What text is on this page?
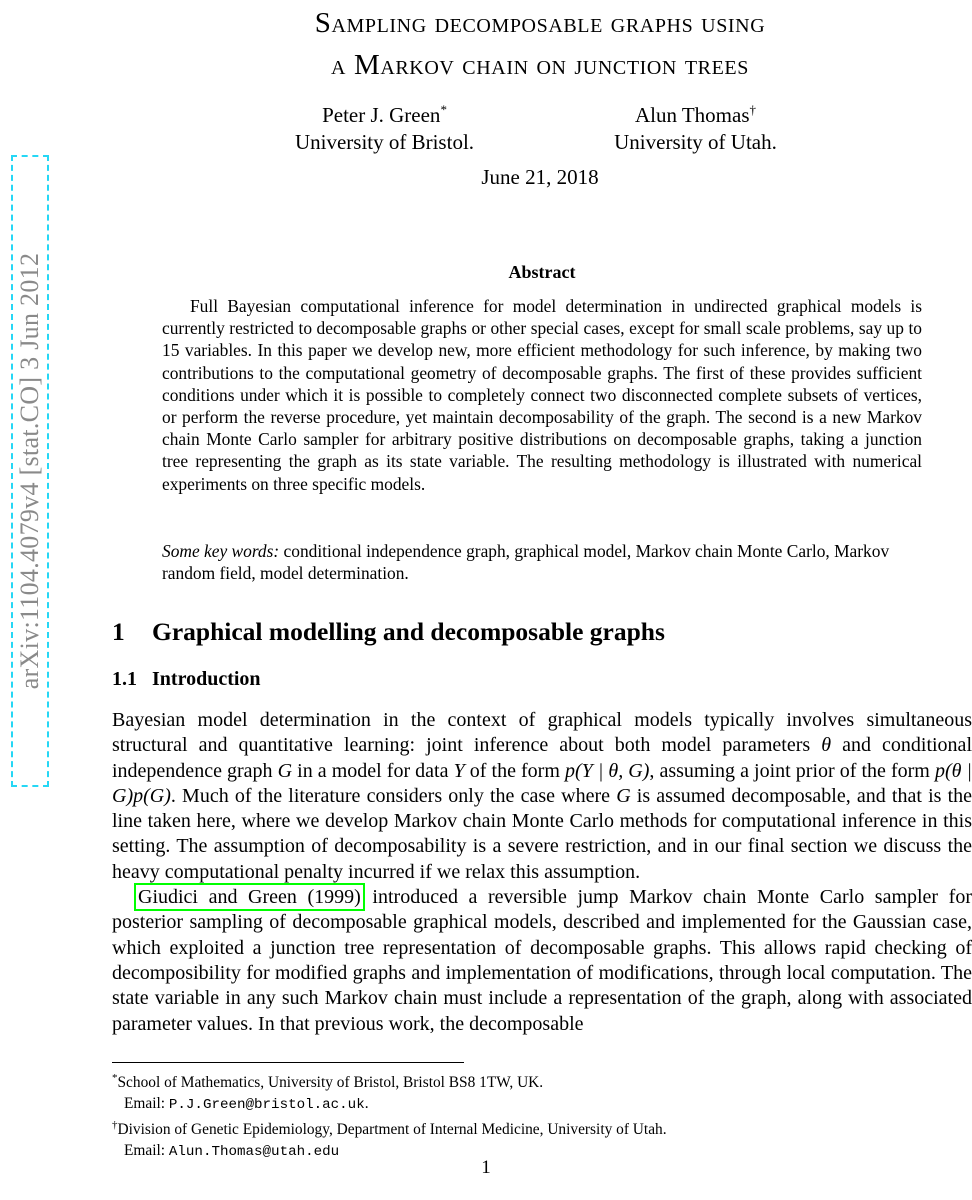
arXiv:1104.4079v4 [stat.CO] 3 Jun 2012
Sampling decomposable graphs using
a Markov chain on junction trees
Peter J. Green*
University of Bristol.
Alun Thomas†
University of Utah.
June 21, 2018
Abstract
Full Bayesian computational inference for model determination in undirected graphical models is currently restricted to decomposable graphs or other special cases, except for small scale problems, say up to 15 variables. In this paper we develop new, more efficient methodology for such inference, by making two contributions to the computational geometry of decomposable graphs. The first of these provides sufficient conditions under which it is possible to completely connect two disconnected complete subsets of vertices, or perform the reverse procedure, yet maintain decomposability of the graph. The second is a new Markov chain Monte Carlo sampler for arbitrary positive distributions on decomposable graphs, taking a junction tree representing the graph as its state variable. The resulting methodology is illustrated with numerical experiments on three specific models.
Some key words: conditional independence graph, graphical model, Markov chain Monte Carlo, Markov random field, model determination.
1 Graphical modelling and decomposable graphs
1.1 Introduction

Bayesian model determination in the context of graphical models typically involves simultaneous structural and quantitative learning: joint inference about both model parameters θ and conditional independence graph G in a model for data Y of the form p(Y | θ, G), assuming a joint prior of the form p(θ | G)p(G). Much of the literature considers only the case where G is assumed decomposable, and that is the line taken here, where we develop Markov chain Monte Carlo methods for computational inference in this setting. The assumption of decomposability is a severe restriction, and in our final section we discuss the heavy computational penalty incurred if we relax this assumption.

Giudici and Green (1999) introduced a reversible jump Markov chain Monte Carlo sampler for posterior sampling of decomposable graphical models, described and implemented for the Gaussian case, which exploited a junction tree representation of decomposable graphs. This allows rapid checking of decomposibility for modified graphs and implementation of modifications, through local computation. The state variable in any such Markov chain must include a representation of the graph, along with associated parameter values. In that previous work, the decomposable

*School of Mathematics, University of Bristol, Bristol BS8 1TW, UK.
Email: P.J.Green@bristol.ac.uk.
†Division of Genetic Epidemiology, Department of Internal Medicine, University of Utah.
Email: Alun.Thomas@utah.edu
1
